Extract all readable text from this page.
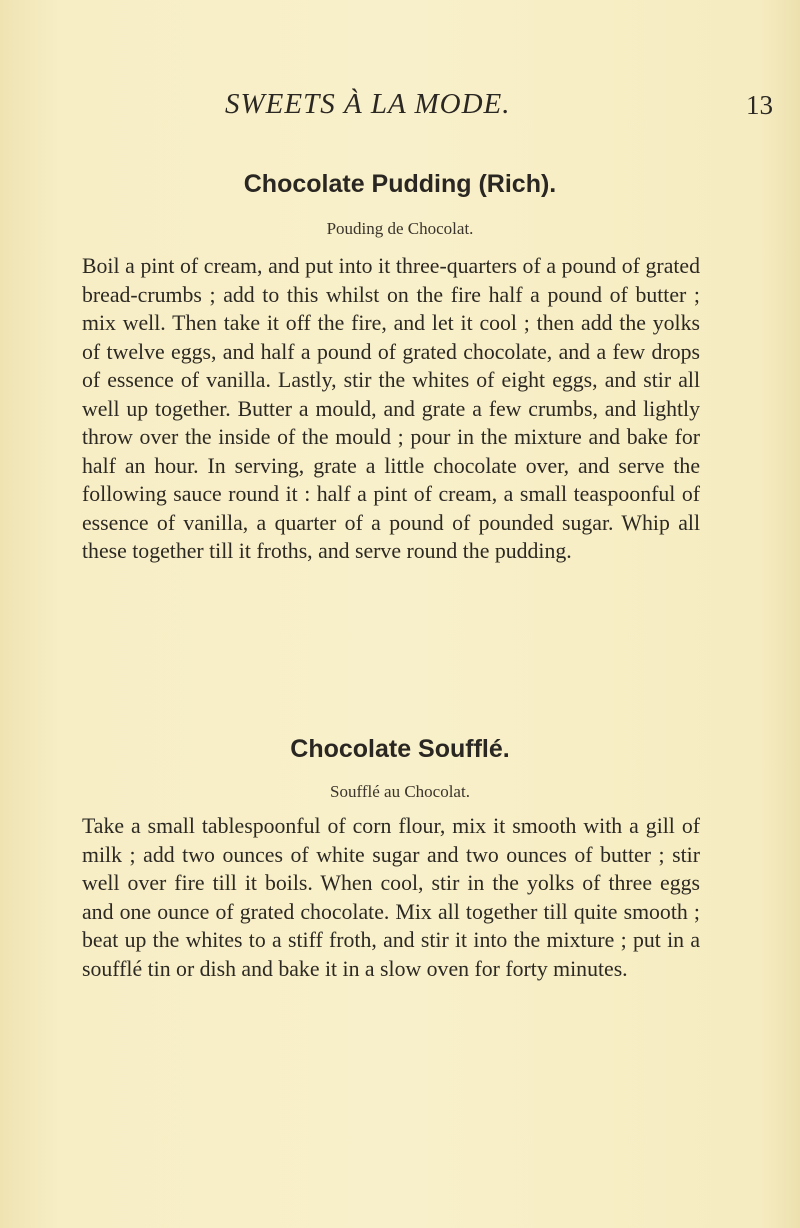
SWEETS À LA MODE.	13
Chocolate Pudding (Rich).

Pouding de Chocolat.

Boil a pint of cream, and put into it three-quarters of a pound of grated bread-crumbs ; add to this whilst on the fire half a pound of butter ; mix well. Then take it off the fire, and let it cool ; then add the yolks of twelve eggs, and half a pound of grated chocolate, and a few drops of essence of vanilla. Lastly, stir the whites of eight eggs, and stir all well up together. Butter a mould, and grate a few crumbs, and lightly throw over the inside of the mould ; pour in the mixture and bake for half an hour. In serving, grate a little chocolate over, and serve the following sauce round it : half a pint of cream, a small teaspoonful of essence of vanilla, a quarter of a pound of pounded sugar. Whip all these together till it froths, and serve round the pudding.

Chocolate Soufflé.

Soufflé au Chocolat.

Take a small tablespoonful of corn flour, mix it smooth with a gill of milk ; add two ounces of white sugar and two ounces of butter ; stir well over fire till it boils. When cool, stir in the yolks of three eggs and one ounce of grated chocolate. Mix all together till quite smooth ; beat up the whites to a stiff froth, and stir it into the mixture ; put in a soufflé tin or dish and bake it in a slow oven for forty minutes.
